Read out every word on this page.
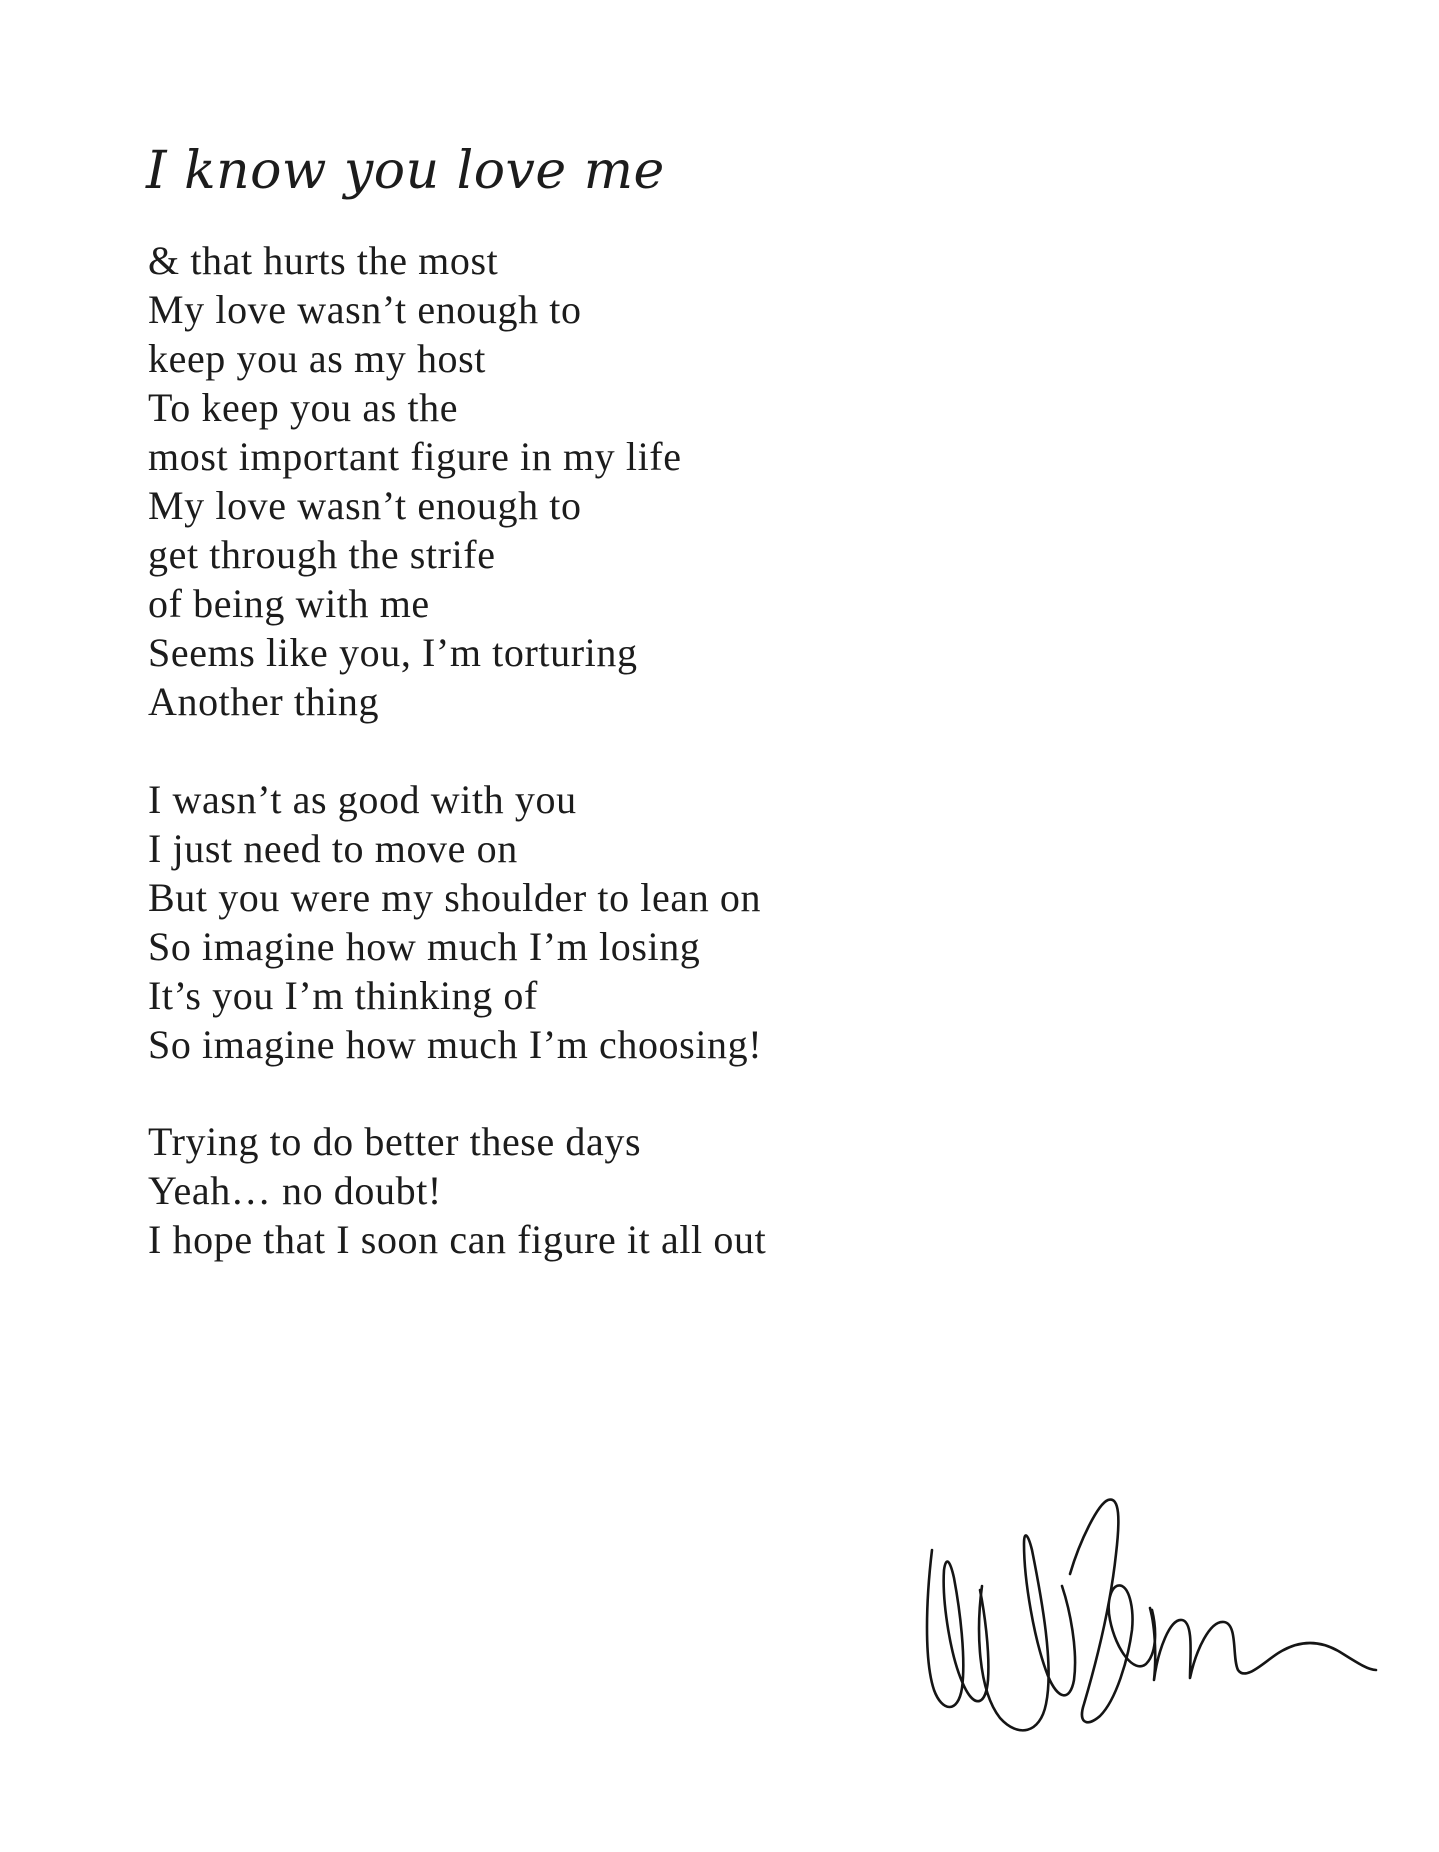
I know you love me
& that hurts the most
My love wasn’t enough to
keep you as my host
To keep you as the
most important figure in my life
My love wasn’t enough to
get through the strife
of being with me
Seems like you, I’m torturing
Another thing
I wasn’t as good with you
I just need to move on
But you were my shoulder to lean on
So imagine how much I’m losing
It’s you I’m thinking of
So imagine how much I’m choosing!
Trying to do better these days
Yeah… no doubt!
I hope that I soon can figure it all out
